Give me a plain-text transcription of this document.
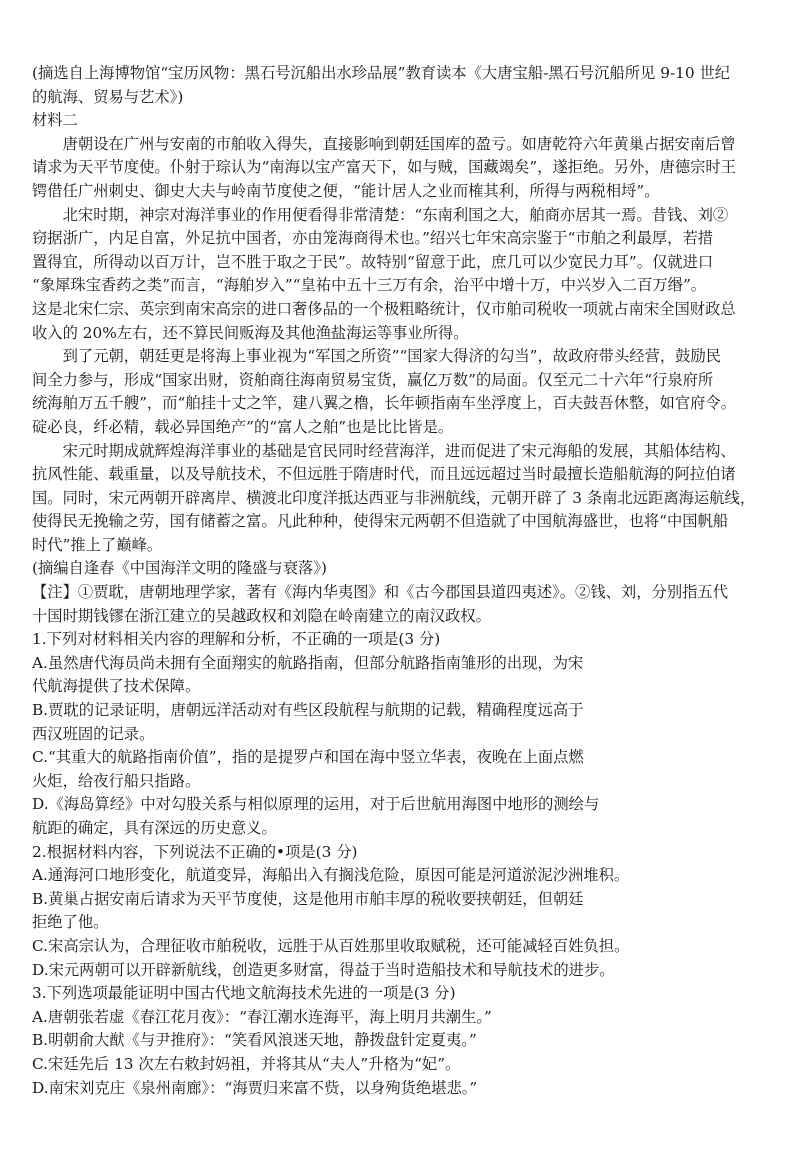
(摘选自上海博物馆“宝历风物：黑石号沉船出水珍品展”教育读本《大唐宝船-黑石号沉船所见 9-10 世纪
的航海、贸易与艺术》)
材料二
唐朝设在广州与安南的市舶收入得失，直接影响到朝廷国库的盈亏。如唐乾符六年黄巢占据安南后曾
请求为天平节度使。仆射于琮认为“南海以宝产富天下，如与贼，国藏竭矣”，遂拒绝。另外，唐德宗时王
锷借任广州刺史、御史大夫与岭南节度使之便，“能计居人之业而榷其利，所得与两税相埒”。
北宋时期，神宗对海洋事业的作用便看得非常清楚：“东南利国之大，舶商亦居其一焉。昔钱、刘②
窃据浙广，内足自富，外足抗中国者，亦由笼海商得术也。”绍兴七年宋高宗鉴于“市舶之利最厚，若措
置得宜，所得动以百万计，岂不胜于取之于民”。故特别“留意于此，庶几可以少宽民力耳”。仅就进口
“象犀珠宝香药之类”而言，“海舶岁入”“皇祐中五十三万有余，治平中增十万，中兴岁入二百万缗”。
这是北宋仁宗、英宗到南宋高宗的进口奢侈品的一个极粗略统计，仅市舶司税收一项就占南宋全国财政总
收入的 20%左右，还不算民间贩海及其他渔盐海运等事业所得。
到了元朝，朝廷更是将海上事业视为“军国之所资”“国家大得济的勾当”，故政府带头经营，鼓励民
间全力参与，形成“国家出财，资舶商往海南贸易宝货，赢亿万数”的局面。仅至元二十六年“行泉府所
统海舶万五千艘”，而“舶挂十丈之竿，建八翼之橹，长年顿指南车坐浮度上，百夫鼓吾休整，如官府令。
碇必良，纤必精，载必异国绝产”的“富人之舶”也是比比皆是。
宋元时期成就辉煌海洋事业的基础是官民同时经营海洋，进而促进了宋元海船的发展，其船体结构、
抗风性能、载重量，以及导航技术，不但远胜于隋唐时代，而且远远超过当时最擅长造船航海的阿拉伯诸
国。同时，宋元两朝开辟离岸、横渡北印度洋抵达西亚与非洲航线，元朝开辟了 3 条南北远距离海运航线，
使得民无挽输之劳，国有储蓄之富。凡此种种，使得宋元两朝不但造就了中国航海盛世，也将“中国帆船
时代”推上了巅峰。
(摘编自逢春《中国海洋文明的隆盛与衰落》)
【注】①贾耽，唐朝地理学家，著有《海内华夷图》和《古今郡国县道四夷述》。②钱、刘，分别指五代
十国时期钱镠在浙江建立的吴越政权和刘隐在岭南建立的南汉政权。
1.下列对材料相关内容的理解和分析，不正确的一项是(3 分)
A.虽然唐代海员尚未拥有全面翔实的航路指南，但部分航路指南雏形的出现，为宋
代航海提供了技术保障。
B.贾耽的记录证明，唐朝远洋活动对有些区段航程与航期的记载，精确程度远高于
西汉班固的记录。
C.“其重大的航路指南价值”，指的是提罗卢和国在海中竖立华表，夜晚在上面点燃
火炬，给夜行船只指路。
D.《海岛算经》中对勾股关系与相似原理的运用，对于后世航用海图中地形的测绘与
航距的确定，具有深远的历史意义。
2.根据材料内容，下列说法不正确的•项是(3 分)
A.通海河口地形变化，航道变异，海船出入有搁浅危险，原因可能是河道淤泥沙洲堆积。
B.黄巢占据安南后请求为天平节度使，这是他用市舶丰厚的税收要挟朝廷，但朝廷
拒绝了他。
C.宋高宗认为，合理征收市舶税收，远胜于从百姓那里收取赋税，还可能减轻百姓负担。
D.宋元两朝可以开辟新航线，创造更多财富，得益于当时造船技术和导航技术的进步。
3.下列选项最能证明中国古代地文航海技术先进的一项是(3 分)
A.唐朝张若虚《春江花月夜》：“春江潮水连海平，海上明月共潮生。”
B.明朝俞大猷《与尹推府》：“笑看风浪迷天地，静拨盘针定夏夷。”
C.宋廷先后 13 次左右敕封妈祖，并将其从“夫人”升格为“妃”。
D.南宋刘克庄《泉州南廊》：“海贾归来富不赀，以身殉货绝堪悲。”
